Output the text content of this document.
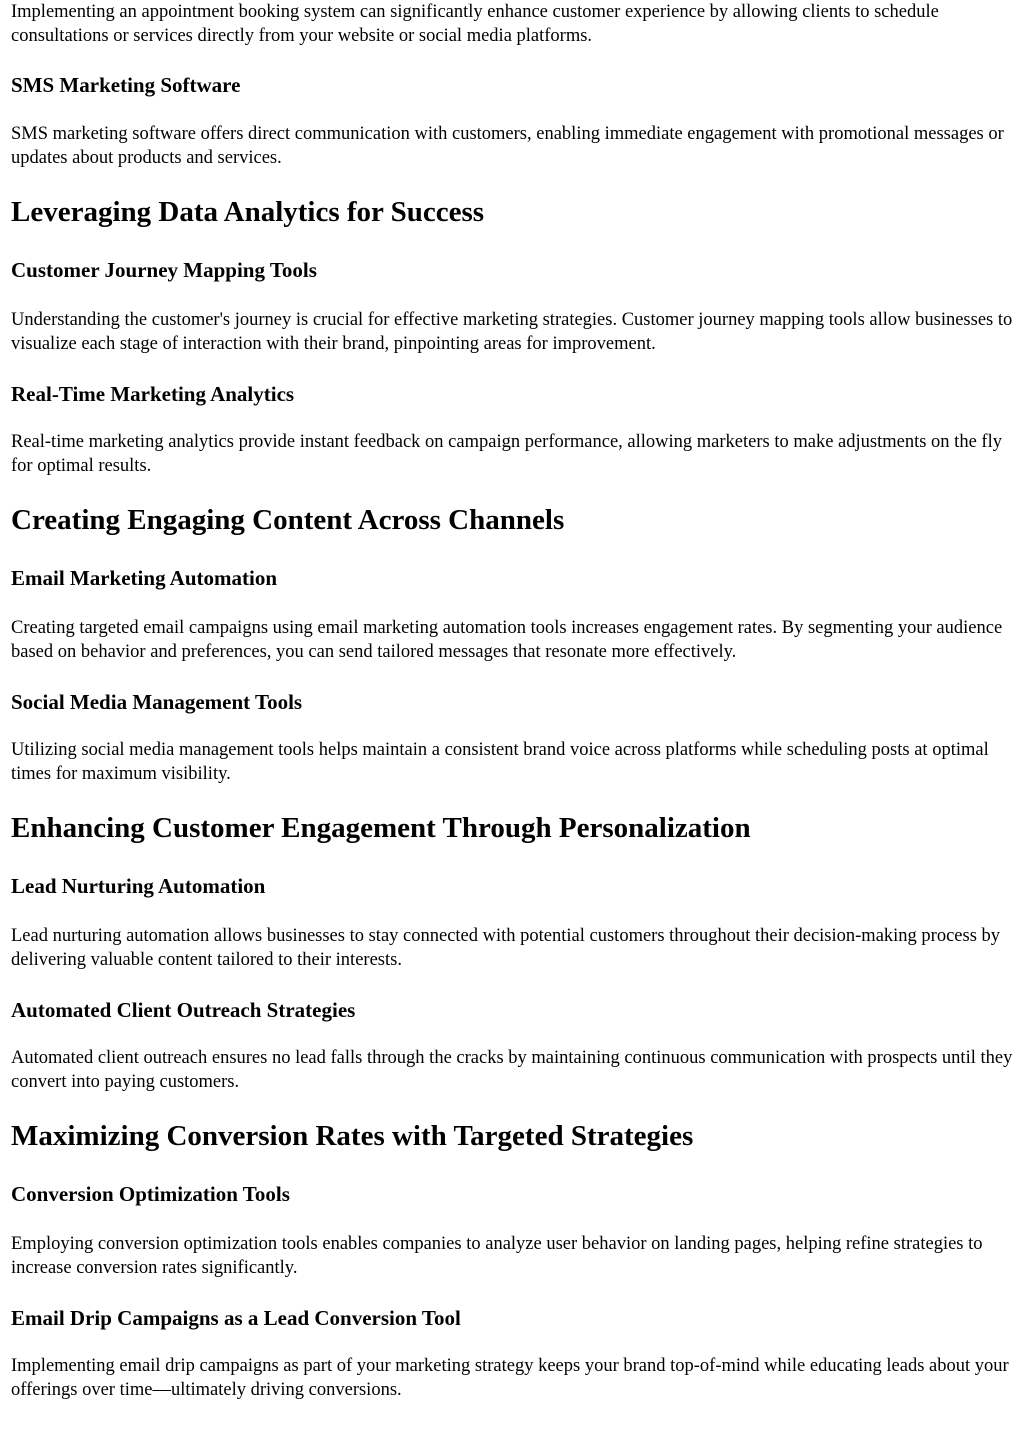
Implementing an appointment booking system can significantly enhance customer experience by allowing clients to schedule consultations or services directly from your website or social media platforms.

SMS Marketing Software

SMS marketing software offers direct communication with customers, enabling immediate engagement with promotional messages or updates about products and services.

Leveraging Data Analytics for Success
Customer Journey Mapping Tools

Understanding the customer's journey is crucial for effective marketing strategies. Customer journey mapping tools allow businesses to visualize each stage of interaction with their brand, pinpointing areas for improvement.

Real-Time Marketing Analytics

Real-time marketing analytics provide instant feedback on campaign performance, allowing marketers to make adjustments on the fly for optimal results.

Creating Engaging Content Across Channels
Email Marketing Automation

Creating targeted email campaigns using email marketing automation tools increases engagement rates. By segmenting your audience based on behavior and preferences, you can send tailored messages that resonate more effectively.

Social Media Management Tools

Utilizing social media management tools helps maintain a consistent brand voice across platforms while scheduling posts at optimal times for maximum visibility.

Enhancing Customer Engagement Through Personalization
Lead Nurturing Automation

Lead nurturing automation allows businesses to stay connected with potential customers throughout their decision-making process by delivering valuable content tailored to their interests.

Automated Client Outreach Strategies

Automated client outreach ensures no lead falls through the cracks by maintaining continuous communication with prospects until they convert into paying customers.

Maximizing Conversion Rates with Targeted Strategies
Conversion Optimization Tools

Employing conversion optimization tools enables companies to analyze user behavior on landing pages, helping refine strategies to increase conversion rates significantly.

Email Drip Campaigns as a Lead Conversion Tool

Implementing email drip campaigns as part of your marketing strategy keeps your brand top-of-mind while educating leads about your offerings over time—ultimately driving conversions.
